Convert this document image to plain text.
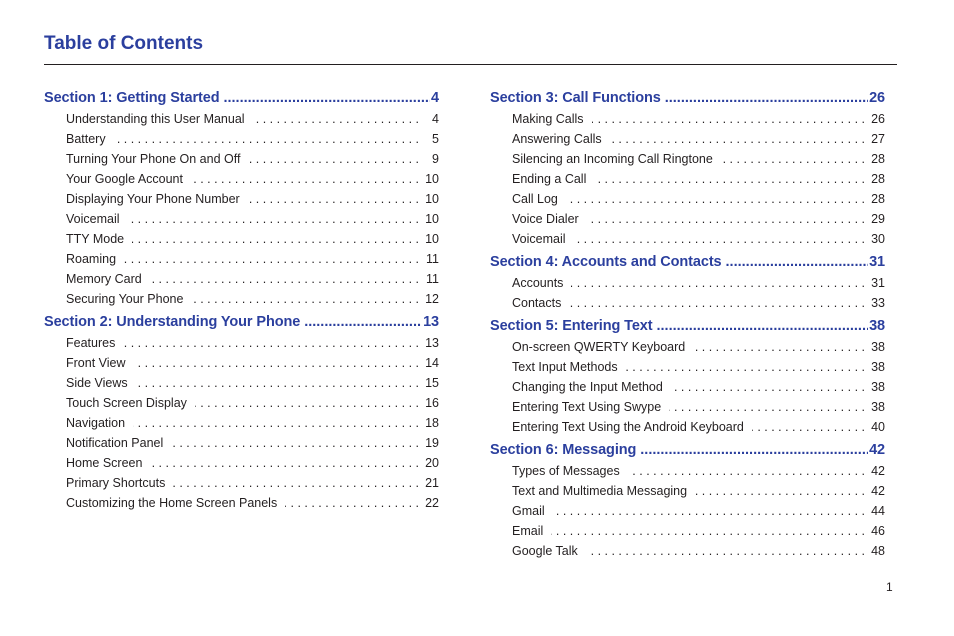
Table of Contents
Section 1: Getting Started .....	4
Understanding this User Manual . . .	4
Battery . . .	5
Turning Your Phone On and Off . . .	9
Your Google Account . . .	10
Displaying Your Phone Number . . .	10
Voicemail . . .	10
TTY Mode . . .	10
Roaming . . .	11
Memory Card . . .	11
Securing Your Phone . . .	12
Section 2: Understanding Your Phone .....	13
Features . . .	13
Front View . . .	14
Side Views . . .	15
Touch Screen Display . . .	16
Navigation . . .	18
Notification Panel . . .	19
Home Screen . . .	20
Primary Shortcuts . . .	21
Customizing the Home Screen Panels . . .	22
Section 3: Call Functions .....	26
Making Calls . . .	26
Answering Calls . . .	27
Silencing an Incoming Call Ringtone . . .	28
Ending a Call . . .	28
Call Log . . .	28
Voice Dialer . . .	29
Voicemail . . .	30
Section 4: Accounts and Contacts .....	31
Accounts . . .	31
Contacts . . .	33
Section 5: Entering Text .....	38
On-screen QWERTY Keyboard . . .	38
Text Input Methods . . .	38
Changing the Input Method . . .	38
Entering Text Using Swype . . .	38
Entering Text Using the Android Keyboard . . .	40
Section 6: Messaging .....	42
Types of Messages . . .	42
Text and Multimedia Messaging . . .	42
Gmail . . .	44
Email . . .	46
Google Talk . . .	48
1
